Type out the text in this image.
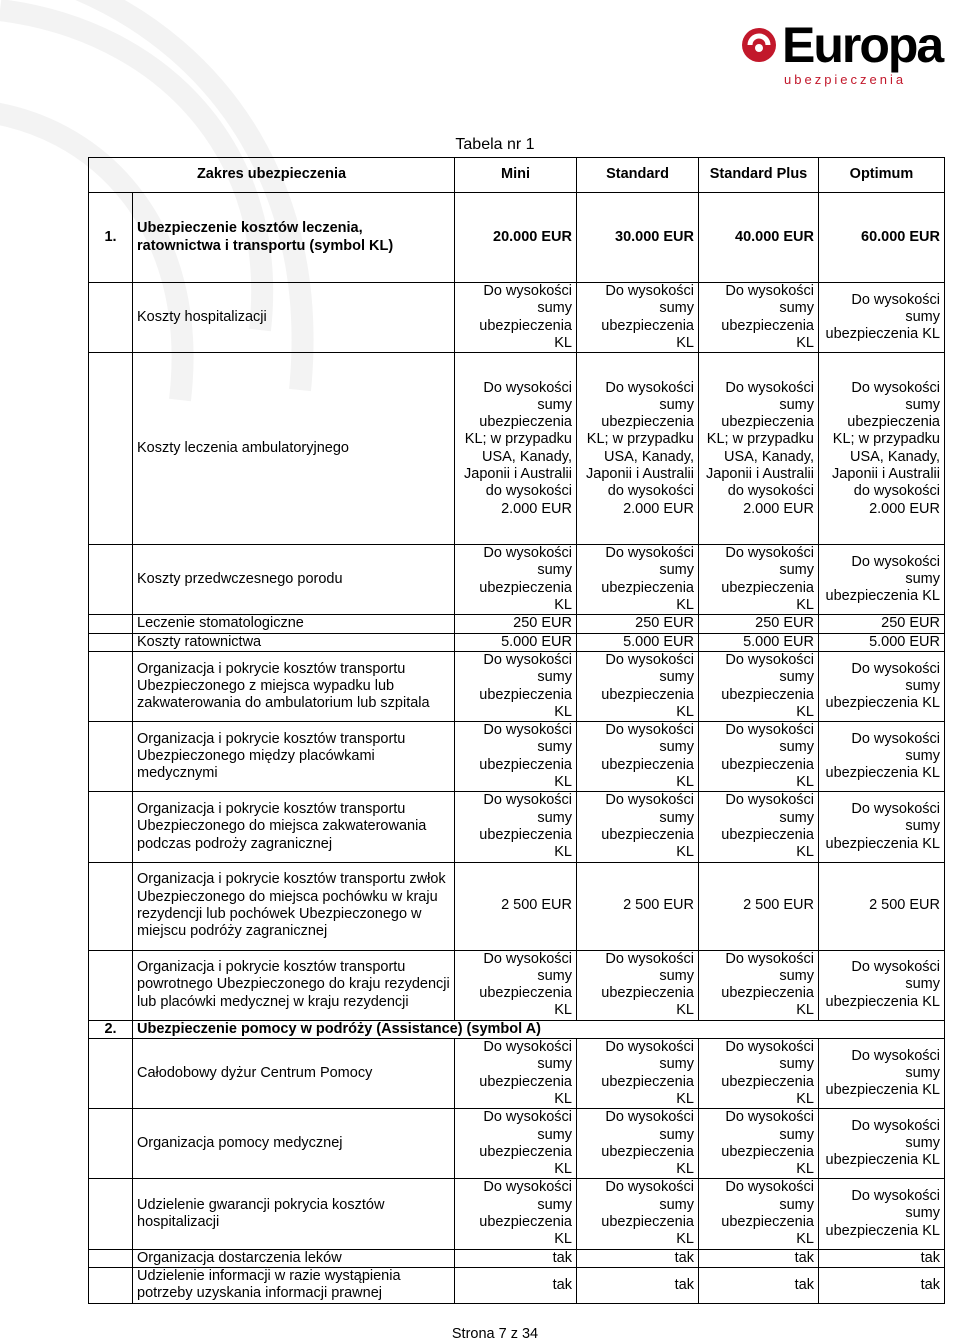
Europa
ubezpieczenia
Tabela nr 1
Zakres ubezpieczenia		Mini	Standard	Standard Plus	Optimum
1.	Ubezpieczenie kosztów leczenia, ratownictwa i transportu (symbol KL)	20.000 EUR	30.000 EUR	40.000 EUR	60.000 EUR
	Koszty hospitalizacji	Do wysokości sumy ubezpieczenia KL	Do wysokości sumy ubezpieczenia KL	Do wysokości sumy ubezpieczenia KL	Do wysokości sumy ubezpieczenia KL
	Koszty leczenia ambulatoryjnego	Do wysokości sumy ubezpieczenia KL; w przypadku USA, Kanady, Japonii i Australii do wysokości 2.000 EUR	Do wysokości sumy ubezpieczenia KL; w przypadku USA, Kanady, Japonii i Australii do wysokości 2.000 EUR	Do wysokości sumy ubezpieczenia KL; w przypadku USA, Kanady, Japonii i Australii do wysokości 2.000 EUR	Do wysokości sumy ubezpieczenia KL; w przypadku USA, Kanady, Japonii i Australii do wysokości 2.000 EUR
	Koszty przedwczesnego porodu	Do wysokości sumy ubezpieczenia KL	Do wysokości sumy ubezpieczenia KL	Do wysokości sumy ubezpieczenia KL	Do wysokości sumy ubezpieczenia KL
	Leczenie stomatologiczne	250 EUR	250 EUR	250 EUR	250 EUR
	Koszty ratownictwa	5.000 EUR	5.000 EUR	5.000 EUR	5.000 EUR
	Organizacja i pokrycie kosztów transportu Ubezpieczonego z miejsca wypadku lub zakwaterowania do ambulatorium lub szpitala	Do wysokości sumy ubezpieczenia KL	Do wysokości sumy ubezpieczenia KL	Do wysokości sumy ubezpieczenia KL	Do wysokości sumy ubezpieczenia KL
	Organizacja i pokrycie kosztów transportu Ubezpieczonego między placówkami medycznymi	Do wysokości sumy ubezpieczenia KL	Do wysokości sumy ubezpieczenia KL	Do wysokości sumy ubezpieczenia KL	Do wysokości sumy ubezpieczenia KL
	Organizacja i pokrycie kosztów transportu Ubezpieczonego do miejsca zakwaterowania podczas podroży zagranicznej	Do wysokości sumy ubezpieczenia KL	Do wysokości sumy ubezpieczenia KL	Do wysokości sumy ubezpieczenia KL	Do wysokości sumy ubezpieczenia KL
	Organizacja i pokrycie kosztów transportu zwłok Ubezpieczonego do miejsca pochówku w kraju rezydencji lub pochówek Ubezpieczonego w miejscu podróży zagranicznej	2 500 EUR	2 500 EUR	2 500 EUR	2 500 EUR
	Organizacja i pokrycie kosztów transportu powrotnego Ubezpieczonego do kraju rezydencji lub placówki medycznej w kraju rezydencji	Do wysokości sumy ubezpieczenia KL	Do wysokości sumy ubezpieczenia KL	Do wysokości sumy ubezpieczenia KL	Do wysokości sumy ubezpieczenia KL
2.	Ubezpieczenie pomocy w podróży (Assistance) (symbol A)				
	Całodobowy dyżur Centrum Pomocy	Do wysokości sumy ubezpieczenia KL	Do wysokości sumy ubezpieczenia KL	Do wysokości sumy ubezpieczenia KL	Do wysokości sumy ubezpieczenia KL
	Organizacja pomocy medycznej	Do wysokości sumy ubezpieczenia KL	Do wysokości sumy ubezpieczenia KL	Do wysokości sumy ubezpieczenia KL	Do wysokości sumy ubezpieczenia KL
	Udzielenie gwarancji pokrycia kosztów hospitalizacji	Do wysokości sumy ubezpieczenia KL	Do wysokości sumy ubezpieczenia KL	Do wysokości sumy ubezpieczenia KL	Do wysokości sumy ubezpieczenia KL
	Organizacja dostarczenia leków	tak	tak	tak	tak
	Udzielenie informacji w razie wystąpienia potrzeby uzyskania informacji prawnej	tak	tak	tak	tak
Strona 7 z 34
